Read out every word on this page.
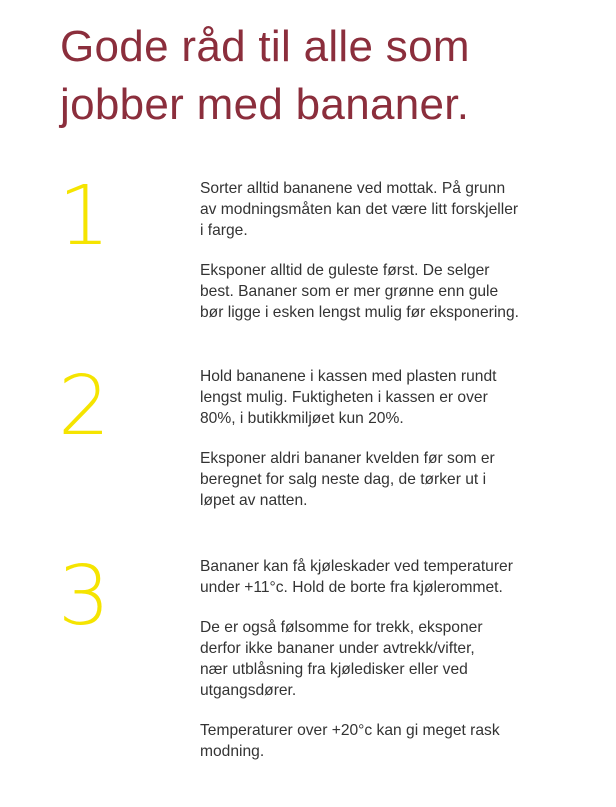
Gode råd til alle som
jobber med bananer.
1	Sorter alltid bananene ved mottak. På grunn
av modningsmåten kan det være litt forskjeller
i farge.

Eksponer alltid de guleste først. De selger
best. Bananer som er mer grønne enn gule
bør ligge i esken lengst mulig før eksponering.

2	Hold bananene i kassen med plasten rundt
lengst mulig. Fuktigheten i kassen er over
80%, i butikkmiljøet kun 20%.

Eksponer aldri bananer kvelden før som er
beregnet for salg neste dag, de tørker ut i
løpet av natten.

3	Bananer kan få kjøleskader ved temperaturer
under +11°c. Hold de borte fra kjølerommet.

De er også følsomme for trekk, eksponer
derfor ikke bananer under avtrekk/vifter,
nær utblåsning fra kjøledisker eller ved
utgangsdører.

Temperaturer over +20°c kan gi meget rask
modning.
